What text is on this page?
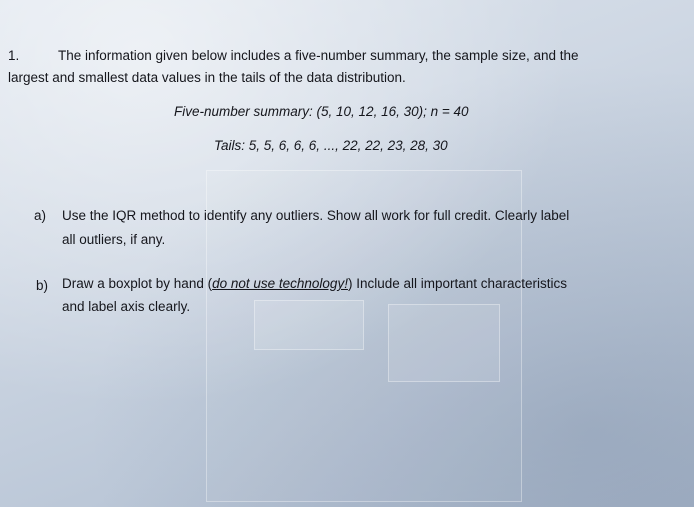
1.	The information given below includes a five-number summary, the sample size, and the
largest and smallest data values in the tails of the data distribution.
Five-number summary: (5, 10, 12, 16, 30); n = 40
Tails: 5, 5, 6, 6, 6, ..., 22, 22, 23, 28, 30
a) Use the IQR method to identify any outliers. Show all work for full credit. Clearly label
all outliers, if any.
b) Draw a boxplot by hand (do not use technology!) Include all important characteristics
and label axis clearly.
